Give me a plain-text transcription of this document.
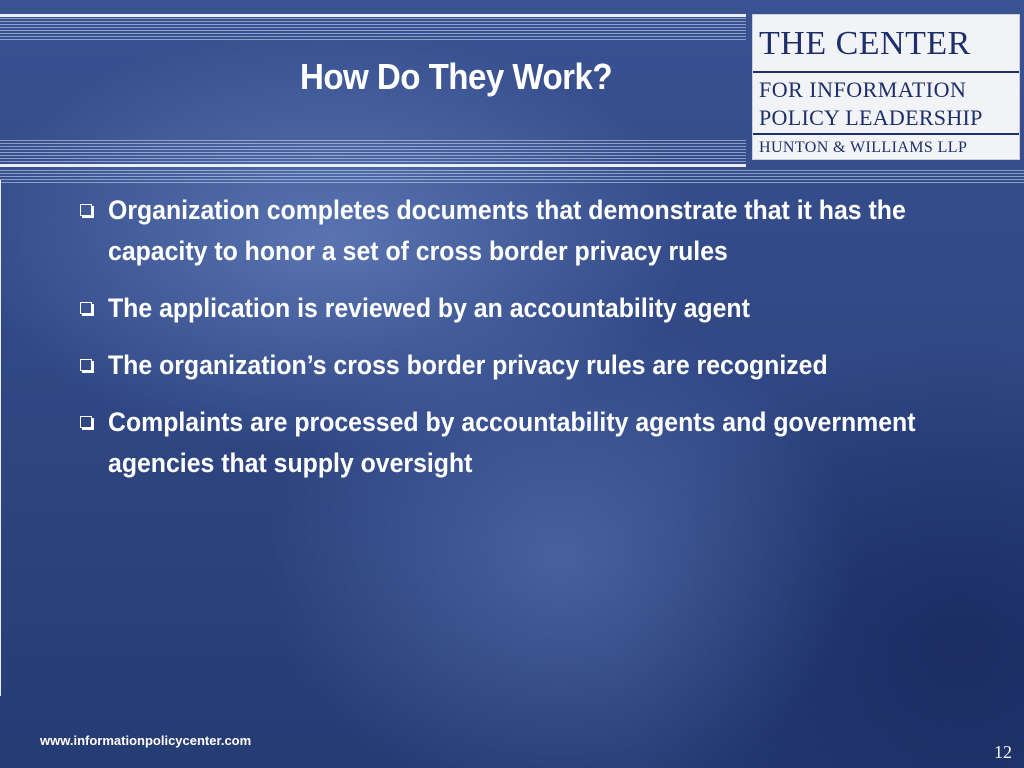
How Do They Work?
THE CENTER
FOR INFORMATION
POLICY LEADERSHIP
HUNTON & WILLIAMS LLP
Organization completes documents that demonstrate that it has the capacity to honor a set of cross border privacy rules
The application is reviewed by an accountability agent
The organization’s cross border privacy rules are recognized
Complaints are processed by accountability agents and government agencies that supply oversight
www.informationpolicycenter.com
12
